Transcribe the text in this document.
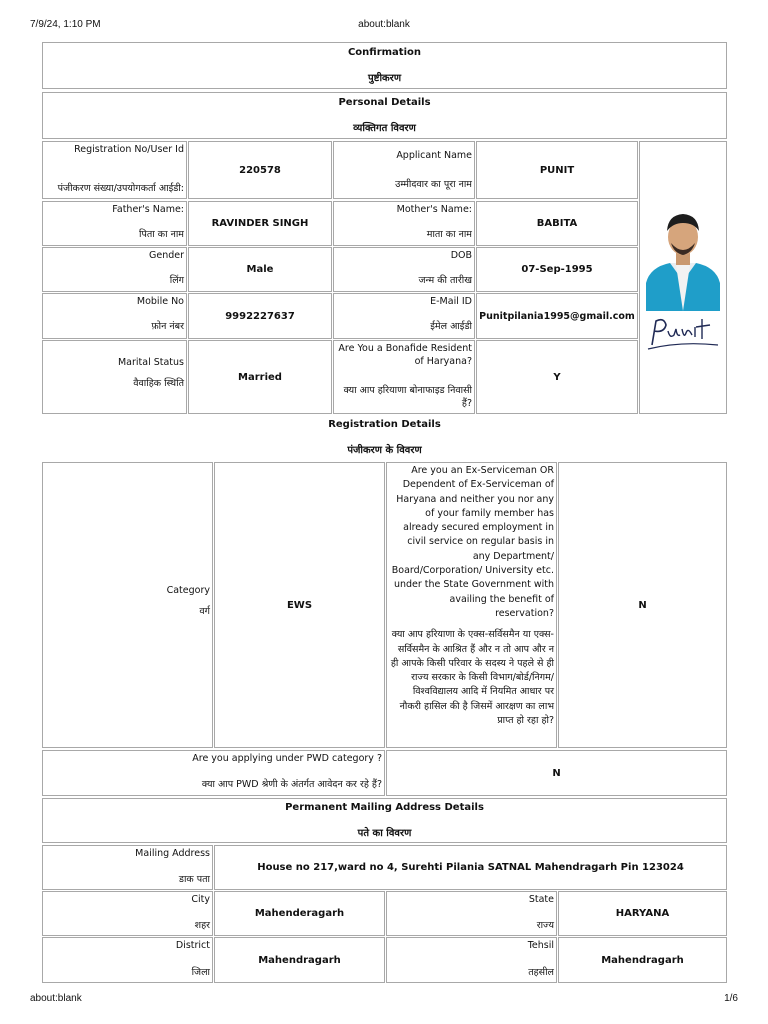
7/9/24, 1:10 PM	about:blank
Confirmation
पुष्टीकरण
Personal Details
व्यक्तिगत विवरण
Registration No/User Id
पंजीकरण संख्या/उपयोगकर्ता आईडी:
220578
Applicant Name
उम्मीदवार का पूरा नाम
PUNIT
Father's Name:
पिता का नाम
RAVINDER SINGH
Mother's Name:
माता का नाम
BABITA
Gender
लिंग
Male
DOB
जन्म की तारीख
07-Sep-1995
Mobile No
फ़ोन नंबर
9992227637
E-Mail ID
ईमेल आईडी
Punitpilania1995@gmail.com
Marital Status
वैवाहिक स्थिति
Married
Are You a Bonafide Resident of Haryana?
क्या आप हरियाणा बोनाफाइड निवासी हैं?
Y
Registration Details
पंजीकरण के विवरण
Category
वर्ग
EWS
Are you an Ex-Serviceman OR Dependent of Ex-Serviceman of Haryana and neither you nor any of your family member has already secured employment in civil service on regular basis in any Department/ Board/Corporation/ University etc. under the State Government with availing the benefit of reservation?
क्या आप हरियाणा के एक्स-सर्विसमैन या एक्स-सर्विसमैन के आश्रित हैं और न तो आप और न ही आपके किसी परिवार के सदस्य ने पहले से ही राज्य सरकार के किसी विभाग/बोर्ड/निगम/विश्वविद्यालय आदि में नियमित आधार पर नौकरी हासिल की है जिसमें आरक्षण का लाभ प्राप्त हो रहा हो?
N
Are you applying under PWD category ?
क्या आप PWD श्रेणी के अंतर्गत आवेदन कर रहे हैं?
N
Permanent Mailing Address Details
पते का विवरण
Mailing Address
डाक पता
House no 217,ward no 4, Surehti Pilania SATNAL Mahendragarh Pin 123024
City
शहर
Mahenderagarh
State
राज्य
HARYANA
District
जिला
Mahendragarh
Tehsil
तहसील
Mahendragarh
about:blank	1/6
